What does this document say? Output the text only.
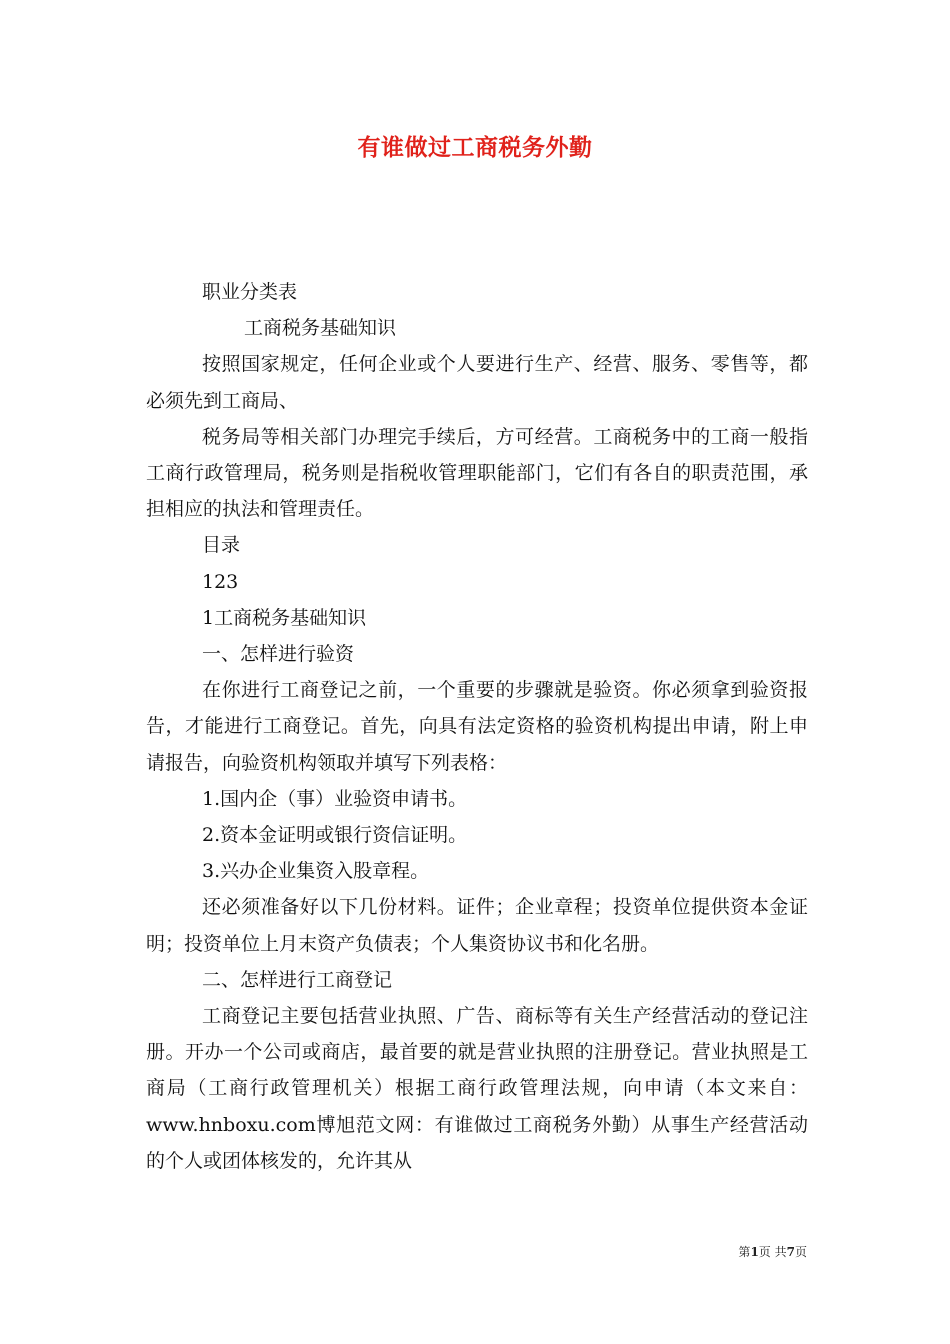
有谁做过工商税务外勤

职业分类表

工商税务基础知识

按照国家规定，任何企业或个人要进行生产、经营、服务、零售等，都必须先到工商局、

税务局等相关部门办理完手续后，方可经营。工商税务中的工商一般指工商行政管理局，税务则是指税收管理职能部门，它们有各自的职责范围，承担相应的执法和管理责任。

目录

123

1工商税务基础知识

一、怎样进行验资

在你进行工商登记之前，一个重要的步骤就是验资。你必须拿到验资报告，才能进行工商登记。首先，向具有法定资格的验资机构提出申请，附上申请报告，向验资机构领取并填写下列表格：

1.国内企（事）业验资申请书。

2.资本金证明或银行资信证明。

3.兴办企业集资入股章程。

还必须准备好以下几份材料。证件；企业章程；投资单位提供资本金证明；投资单位上月末资产负债表；个人集资协议书和化名册。

二、怎样进行工商登记

工商登记主要包括营业执照、广告、商标等有关生产经营活动的登记注册。开办一个公司或商店，最首要的就是营业执照的注册登记。营业执照是工商局（工商行政管理机关）根据工商行政管理法规，向申请（本文来自：www.hnboxu.com博旭范文网：有谁做过工商税务外勤）从事生产经营活动的个人或团体核发的，允许其从

第1页 共7页
